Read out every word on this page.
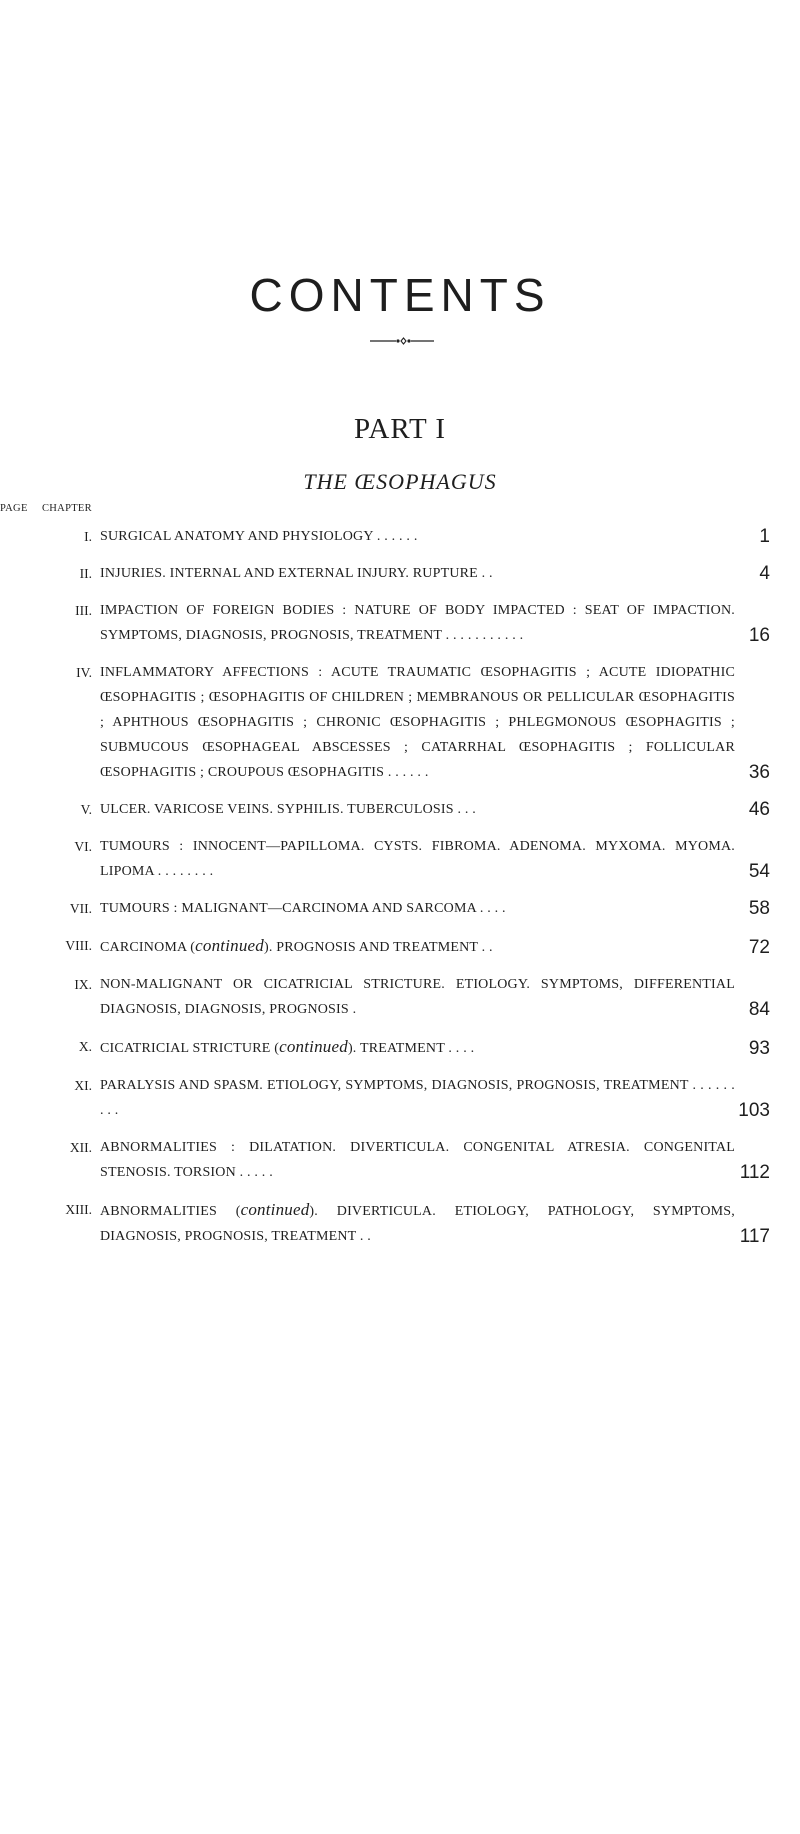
CONTENTS
PART I
THE ŒSOPHAGUS
CHAPTER
PAGE
I. SURGICAL ANATOMY AND PHYSIOLOGY . . . . . .	1
II. INJURIES. INTERNAL AND EXTERNAL INJURY. RUPTURE . .	4
III. IMPACTION OF FOREIGN BODIES : NATURE OF BODY IMPACTED : SEAT OF IMPACTION. SYMPTOMS, DIAGNOSIS, PROGNOSIS, TREATMENT . . . . . . . . . . .	16
IV. INFLAMMATORY AFFECTIONS : ACUTE TRAUMATIC ŒSOPHAGITIS ; ACUTE IDIOPATHIC ŒSOPHAGITIS ; ŒSOPHAGITIS OF CHILDREN ; MEMBRANOUS OR PELLICULAR ŒSOPHAGITIS ; APHTHOUS ŒSOPHAGITIS ; CHRONIC ŒSOPHAGITIS ; PHLEGMONOUS ŒSOPHAGITIS ; SUBMUCOUS ŒSOPHAGEAL ABSCESSES ; CATARRHAL ŒSOPHAGITIS ; FOLLICULAR ŒSOPHAGITIS ; CROUPOUS ŒSOPHAGITIS . . . . . .	36
V. ULCER. VARICOSE VEINS. SYPHILIS. TUBERCULOSIS . . .	46
VI. TUMOURS : INNOCENT—PAPILLOMA. CYSTS. FIBROMA. ADENOMA. MYXOMA. MYOMA. LIPOMA . . . . . . . .	54
VII. TUMOURS : MALIGNANT—CARCINOMA AND SARCOMA . . . .	58
VIII. CARCINOMA (continued). PROGNOSIS AND TREATMENT . .	72
IX. NON-MALIGNANT OR CICATRICIAL STRICTURE. ETIOLOGY. SYMPTOMS, DIFFERENTIAL DIAGNOSIS, DIAGNOSIS, PROGNOSIS .	84
X. CICATRICIAL STRICTURE (continued). TREATMENT . . . .	93
XI. PARALYSIS AND SPASM. ETIOLOGY, SYMPTOMS, DIAGNOSIS, PROGNOSIS, TREATMENT . . . . . . . . .	103
XII. ABNORMALITIES : DILATATION. DIVERTICULA. CONGENITAL ATRESIA. CONGENITAL STENOSIS. TORSION . . . . .	112
XIII. ABNORMALITIES (continued). DIVERTICULA. ETIOLOGY, PATHOLOGY, SYMPTOMS, DIAGNOSIS, PROGNOSIS, TREATMENT . .	117
